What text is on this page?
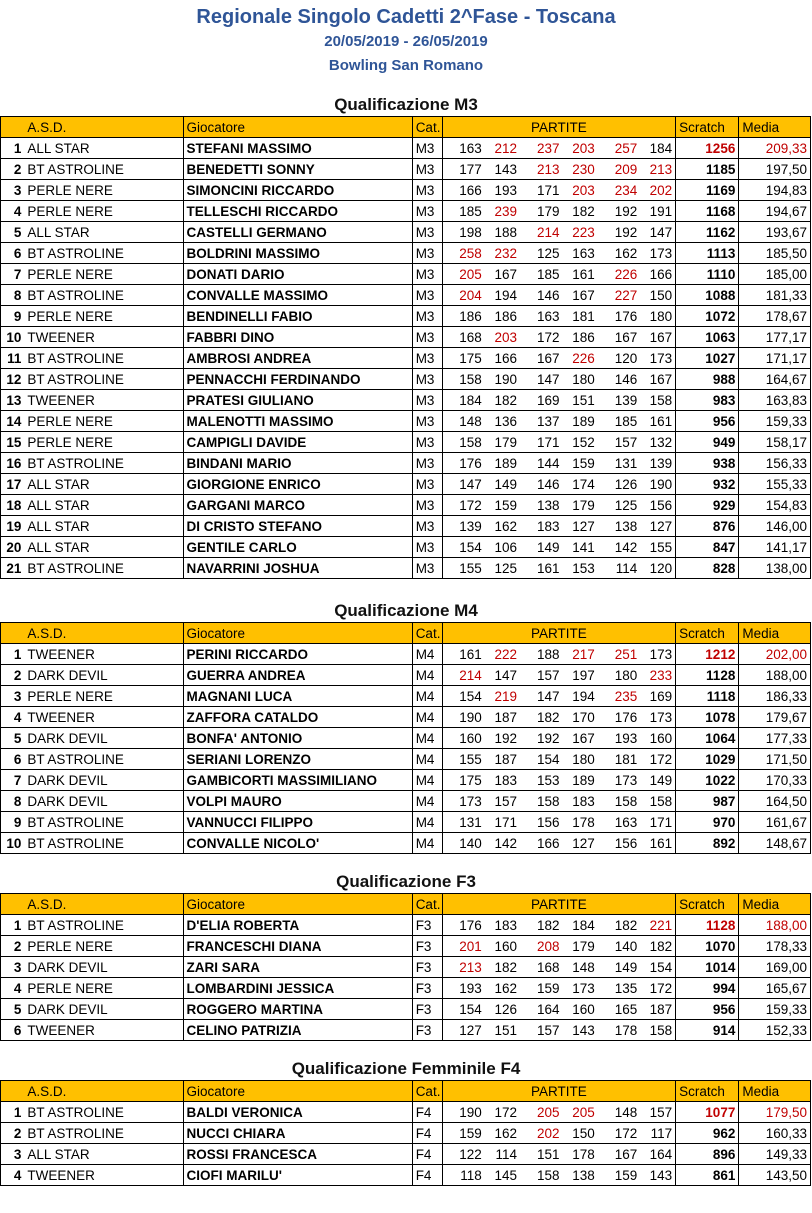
Regionale Singolo Cadetti 2^Fase - Toscana
20/05/2019 - 26/05/2019
Bowling San Romano
Qualificazione M3
	A.S.D.	Giocatore	Cat.	PARTITE						Scratch	Media
1	ALL STAR	STEFANI MASSIMO	M3	163	212	237	203	257	184	1256	209,33
2	BT ASTROLINE	BENEDETTI SONNY	M3	177	143	213	230	209	213	1185	197,50
3	PERLE NERE	SIMONCINI RICCARDO	M3	166	193	171	203	234	202	1169	194,83
4	PERLE NERE	TELLESCHI RICCARDO	M3	185	239	179	182	192	191	1168	194,67
5	ALL STAR	CASTELLI GERMANO	M3	198	188	214	223	192	147	1162	193,67
6	BT ASTROLINE	BOLDRINI MASSIMO	M3	258	232	125	163	162	173	1113	185,50
7	PERLE NERE	DONATI DARIO	M3	205	167	185	161	226	166	1110	185,00
8	BT ASTROLINE	CONVALLE MASSIMO	M3	204	194	146	167	227	150	1088	181,33
9	PERLE NERE	BENDINELLI FABIO	M3	186	186	163	181	176	180	1072	178,67
10	TWEENER	FABBRI DINO	M3	168	203	172	186	167	167	1063	177,17
11	BT ASTROLINE	AMBROSI ANDREA	M3	175	166	167	226	120	173	1027	171,17
12	BT ASTROLINE	PENNACCHI FERDINANDO	M3	158	190	147	180	146	167	988	164,67
13	TWEENER	PRATESI GIULIANO	M3	184	182	169	151	139	158	983	163,83
14	PERLE NERE	MALENOTTI MASSIMO	M3	148	136	137	189	185	161	956	159,33
15	PERLE NERE	CAMPIGLI DAVIDE	M3	158	179	171	152	157	132	949	158,17
16	BT ASTROLINE	BINDANI MARIO	M3	176	189	144	159	131	139	938	156,33
17	ALL STAR	GIORGIONE ENRICO	M3	147	149	146	174	126	190	932	155,33
18	ALL STAR	GARGANI MARCO	M3	172	159	138	179	125	156	929	154,83
19	ALL STAR	DI CRISTO STEFANO	M3	139	162	183	127	138	127	876	146,00
20	ALL STAR	GENTILE CARLO	M3	154	106	149	141	142	155	847	141,17
21	BT ASTROLINE	NAVARRINI JOSHUA	M3	155	125	161	153	114	120	828	138,00
Qualificazione M4
	A.S.D.	Giocatore	Cat.	PARTITE						Scratch	Media
1	TWEENER	PERINI RICCARDO	M4	161	222	188	217	251	173	1212	202,00
2	DARK DEVIL	GUERRA ANDREA	M4	214	147	157	197	180	233	1128	188,00
3	PERLE NERE	MAGNANI LUCA	M4	154	219	147	194	235	169	1118	186,33
4	TWEENER	ZAFFORA CATALDO	M4	190	187	182	170	176	173	1078	179,67
5	DARK DEVIL	BONFA' ANTONIO	M4	160	192	192	167	193	160	1064	177,33
6	BT ASTROLINE	SERIANI LORENZO	M4	155	187	154	180	181	172	1029	171,50
7	DARK DEVIL	GAMBICORTI MASSIMILIANO	M4	175	183	153	189	173	149	1022	170,33
8	DARK DEVIL	VOLPI MAURO	M4	173	157	158	183	158	158	987	164,50
9	BT ASTROLINE	VANNUCCI FILIPPO	M4	131	171	156	178	163	171	970	161,67
10	BT ASTROLINE	CONVALLE NICOLO'	M4	140	142	166	127	156	161	892	148,67
Qualificazione F3
	A.S.D.	Giocatore	Cat.	PARTITE						Scratch	Media
1	BT ASTROLINE	D'ELIA ROBERTA	F3	176	183	182	184	182	221	1128	188,00
2	PERLE NERE	FRANCESCHI DIANA	F3	201	160	208	179	140	182	1070	178,33
3	DARK DEVIL	ZARI SARA	F3	213	182	168	148	149	154	1014	169,00
4	PERLE NERE	LOMBARDINI JESSICA	F3	193	162	159	173	135	172	994	165,67
5	DARK DEVIL	ROGGERO MARTINA	F3	154	126	164	160	165	187	956	159,33
6	TWEENER	CELINO PATRIZIA	F3	127	151	157	143	178	158	914	152,33
Qualificazione Femminile F4
	A.S.D.	Giocatore	Cat.	PARTITE						Scratch	Media
1	BT ASTROLINE	BALDI VERONICA	F4	190	172	205	205	148	157	1077	179,50
2	BT ASTROLINE	NUCCI CHIARA	F4	159	162	202	150	172	117	962	160,33
3	ALL STAR	ROSSI FRANCESCA	F4	122	114	151	178	167	164	896	149,33
4	TWEENER	CIOFI MARILU'	F4	118	145	158	138	159	143	861	143,50
